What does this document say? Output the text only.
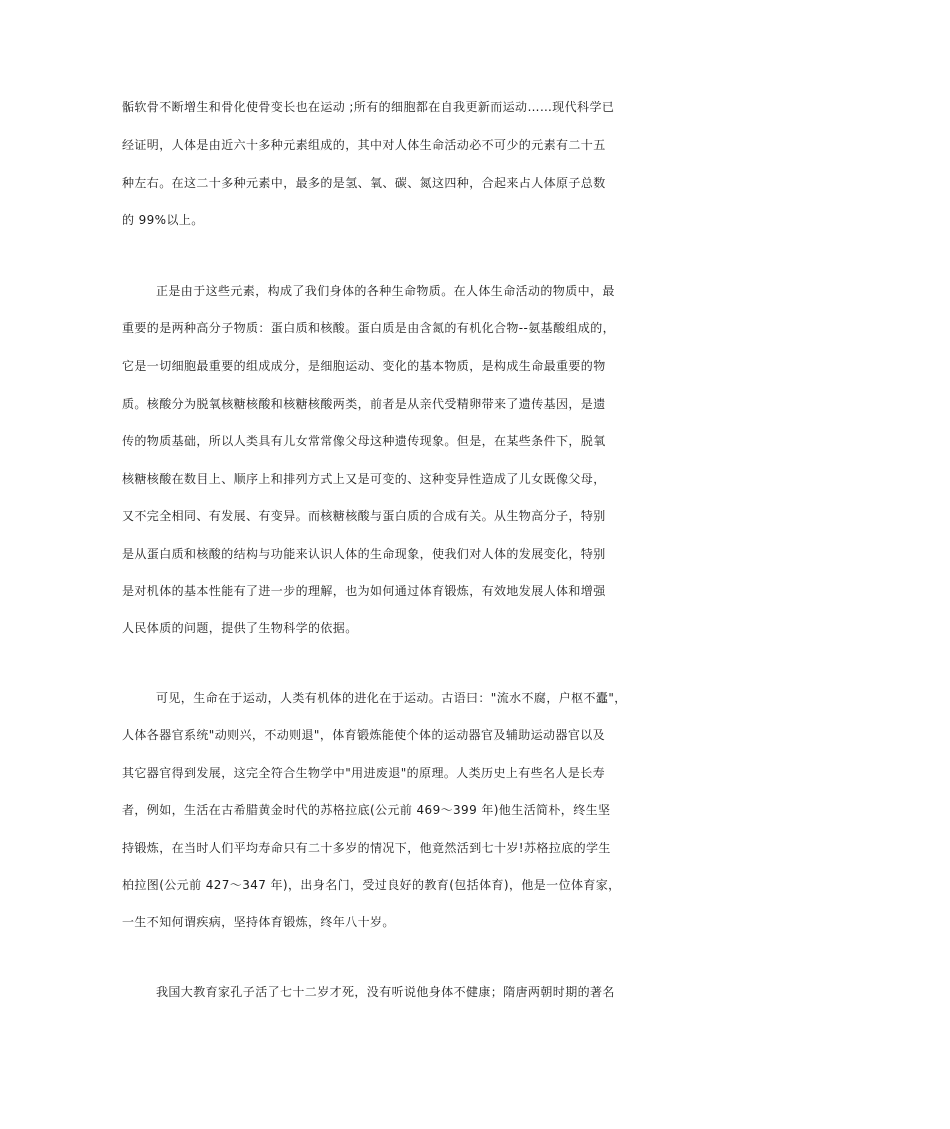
骺软骨不断增生和骨化使骨变长也在运动 ;所有的细胞都在自我更新而运动……现代科学已

经证明，人体是由近六十多种元素组成的，其中对人体生命活动必不可少的元素有二十五

种左右。在这二十多种元素中，最多的是氢、氧、碳、氮这四种，合起来占人体原子总数

的 99%以上。

正是由于这些元素，构成了我们身体的各种生命物质。在人体生命活动的物质中，最

重要的是两种高分子物质：蛋白质和核酸。蛋白质是由含氮的有机化合物--氨基酸组成的，

它是一切细胞最重要的组成成分，是细胞运动、变化的基本物质，是构成生命最重要的物

质。核酸分为脱氧核糖核酸和核糖核酸两类，前者是从亲代受精卵带来了遗传基因，是遗

传的物质基础，所以人类具有儿女常常像父母这种遗传现象。但是，在某些条件下，脱氧

核糖核酸在数目上、顺序上和排列方式上又是可变的、这种变异性造成了儿女既像父母，

又不完全相同、有发展、有变异。而核糖核酸与蛋白质的合成有关。从生物高分子，特别

是从蛋白质和核酸的结构与功能来认识人体的生命现象，使我们对人体的发展变化，特别

是对机体的基本性能有了进一步的理解，也为如何通过体育锻炼，有效地发展人体和增强

人民体质的问题，提供了生物科学的依据。

可见，生命在于运动，人类有机体的进化在于运动。古语曰："流水不腐，户枢不蠹"，

人体各器官系统"动则兴，不动则退"，体育锻炼能使个体的运动器官及辅助运动器官以及

其它器官得到发展，这完全符合生物学中"用进废退"的原理。人类历史上有些名人是长寿

者，例如，生活在古希腊黄金时代的苏格拉底(公元前 469～399 年)他生活简朴，终生坚

持锻炼，在当时人们平均寿命只有二十多岁的情况下，他竟然活到七十岁!苏格拉底的学生

柏拉图(公元前 427～347 年)，出身名门，受过良好的教育(包括体育)，他是一位体育家，

一生不知何谓疾病，坚持体育锻炼，终年八十岁。

我国大教育家孔子活了七十二岁才死，没有听说他身体不健康；隋唐两朝时期的著名
